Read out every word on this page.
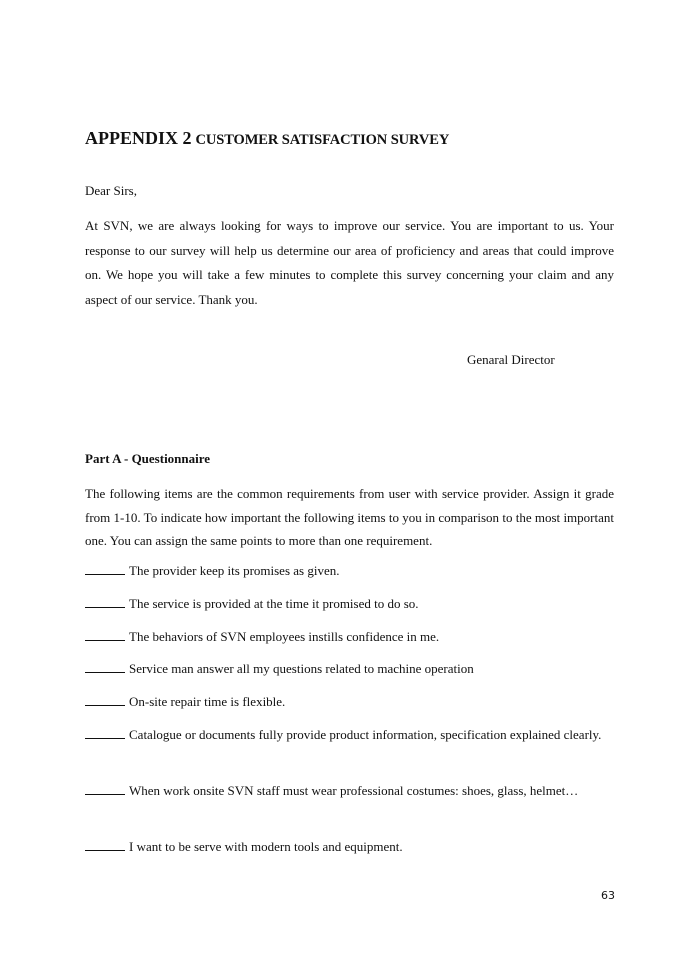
APPENDIX 2 CUSTOMER SATISFACTION SURVEY
Dear Sirs,

At SVN, we are always looking for ways to improve our service. You are important to us. Your response to our survey will help us determine our area of proficiency and areas that could improve on. We hope you will take a few minutes to complete this survey concerning your claim and any aspect of our service. Thank you.

Genaral Director
Part A - Questionnaire

The following items are the common requirements from user with service provider. Assign it grade from 1-10. To indicate how important the following items to you in comparison to the most important one. You can assign the same points to more than one requirement.

The provider keep its promises as given.

The service is provided at the time it promised to do so.

The behaviors of SVN employees instills confidence in me.

Service man answer all my questions related to machine operation

On-site repair time is flexible.

Catalogue or documents fully provide product information, specification explained clearly.

When work onsite SVN staff must wear professional costumes: shoes, glass, helmet…

I want to be serve with modern tools and equipment.

63
